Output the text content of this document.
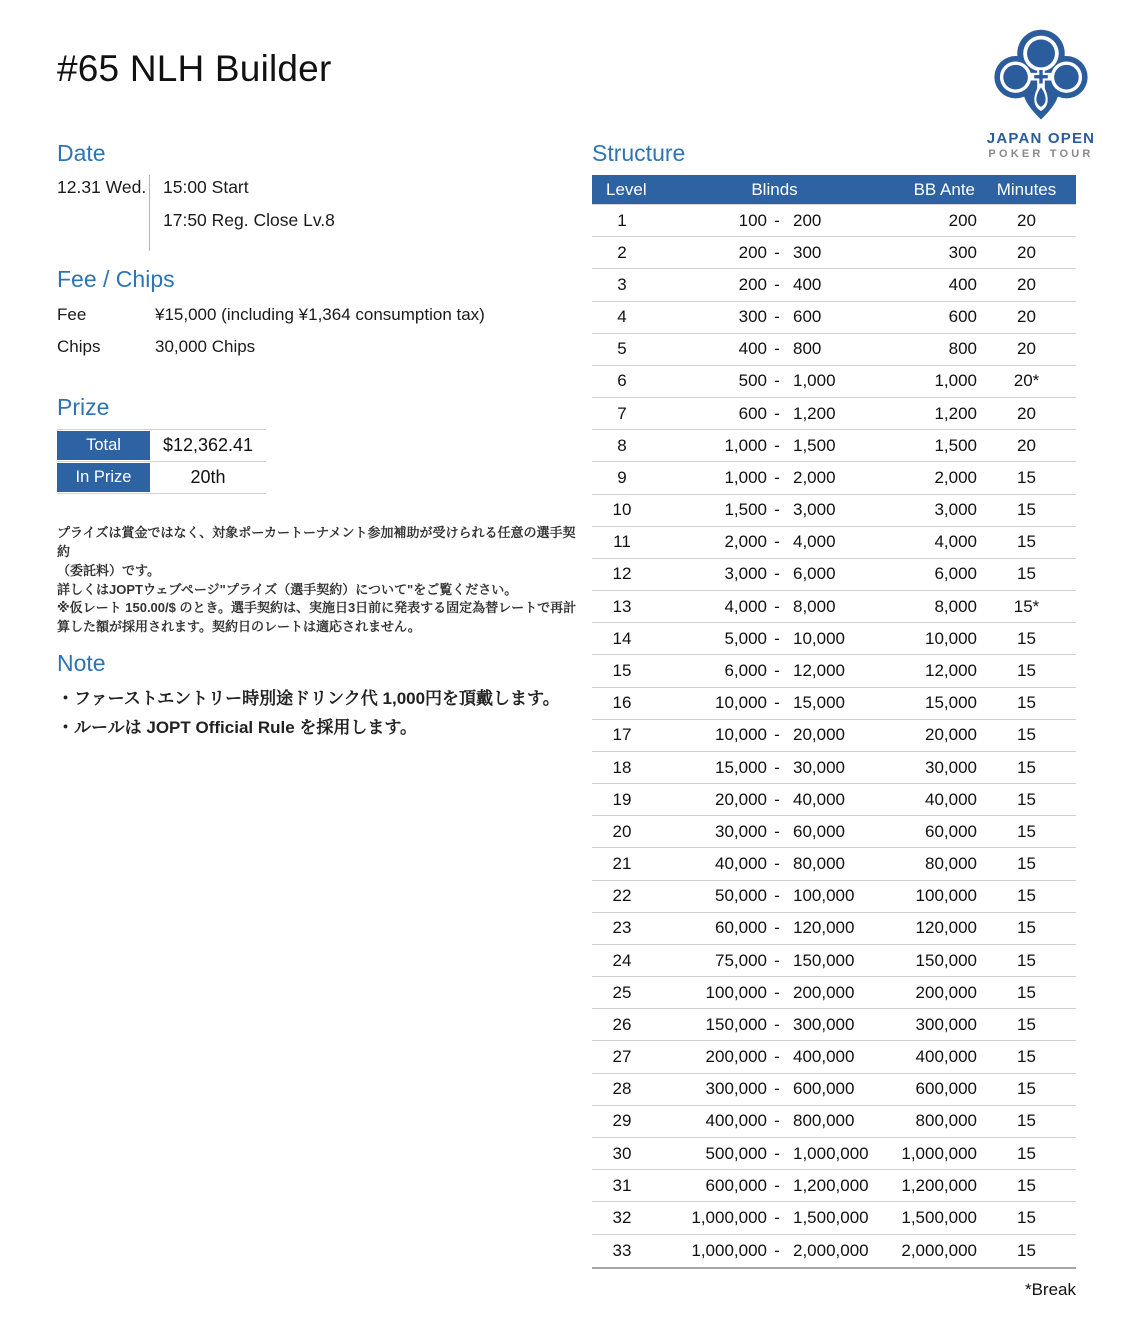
#65 NLH Builder
JAPAN OPEN
POKER TOUR
Date
12.31 Wed. 15:00 Start
17:50 Reg. Close Lv.8
Fee / Chips
Fee	¥15,000 (including ¥1,364 consumption tax)
Chips	30,000 Chips
Prize
Total	$12,362.41
In Prize	20th
プライズは賞金ではなく、対象ポーカートーナメント参加補助が受けられる任意の選手契約
（委託料）です。
詳しくはJOPTウェブページ"プライズ（選手契約）について"をご覧ください。
※仮レート 150.00/$ のとき。選手契約は、実施日3日前に発表する固定為替レートで再計
算した額が採用されます。契約日のレートは適応されません。
Note
・ファーストエントリー時別途ドリンク代 1,000円を頂戴します。
・ルールは JOPT Official Rule を採用します。
Structure
Level	Blinds	BB Ante	Minutes
1	100 - 200	200	20
2	200 - 300	300	20
3	200 - 400	400	20
4	300 - 600	600	20
5	400 - 800	800	20
6	500 - 1,000	1,000	20*
7	600 - 1,200	1,200	20
8	1,000 - 1,500	1,500	20
9	1,000 - 2,000	2,000	15
10	1,500 - 3,000	3,000	15
11	2,000 - 4,000	4,000	15
12	3,000 - 6,000	6,000	15
13	4,000 - 8,000	8,000	15*
14	5,000 - 10,000	10,000	15
15	6,000 - 12,000	12,000	15
16	10,000 - 15,000	15,000	15
17	10,000 - 20,000	20,000	15
18	15,000 - 30,000	30,000	15
19	20,000 - 40,000	40,000	15
20	30,000 - 60,000	60,000	15
21	40,000 - 80,000	80,000	15
22	50,000 - 100,000	100,000	15
23	60,000 - 120,000	120,000	15
24	75,000 - 150,000	150,000	15
25	100,000 - 200,000	200,000	15
26	150,000 - 300,000	300,000	15
27	200,000 - 400,000	400,000	15
28	300,000 - 600,000	600,000	15
29	400,000 - 800,000	800,000	15
30	500,000 - 1,000,000	1,000,000	15
31	600,000 - 1,200,000	1,200,000	15
32	1,000,000 - 1,500,000	1,500,000	15
33	1,000,000 - 2,000,000	2,000,000	15
*Break
